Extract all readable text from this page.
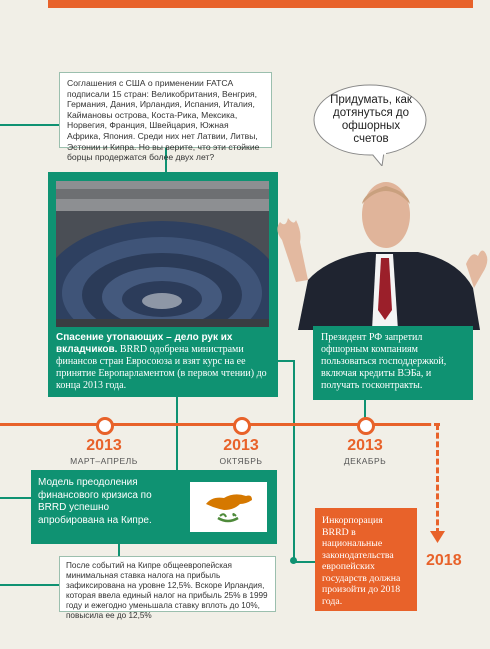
Соглашения с США о применении FATCA подписали 15 стран: Великобритания, Венгрия, Германия, Дания, Ирландия, Испания, Италия, Каймановы острова, Коста-Рика, Мексика, Норвегия, Франция, Швейцария, Южная Африка, Япония. Среди них нет Латвии, Литвы, Эстонии и Кипра. Но вы верите, что эти стойкие борцы продержатся более двух лет?
Придумать, как дотянуться до офшорных счетов
Спасение утопающих – дело рук их вкладчиков. BRRD одобрена министрами финансов стран Евросоюза и взят курс на ее принятие Европарламентом (в первом чтении) до конца 2013 года.
Президент РФ запретил офшорным компаниям пользоваться господдержкой, включая кредиты ВЭБа, и получать госконтракты.
2013
МАРТ–АПРЕЛЬ
2013
ОКТЯБРЬ
2013
ДЕКАБРЬ
Модель преодоления финансового кризиса по BRRD успешно апробирована на Кипре.
После событий на Кипре общеевропейская минимальная ставка налога на прибыль зафиксирована на уровне 12,5%. Вскоре Ирландия, которая ввела единый налог на прибыль 25% в 1999 году и ежегодно уменьшала ставку вплоть до 10%, повысила ее до 12,5%
Инкорпорация BRRD в национальные законодательства европейских государств должна произойти до 2018 года.
2018
